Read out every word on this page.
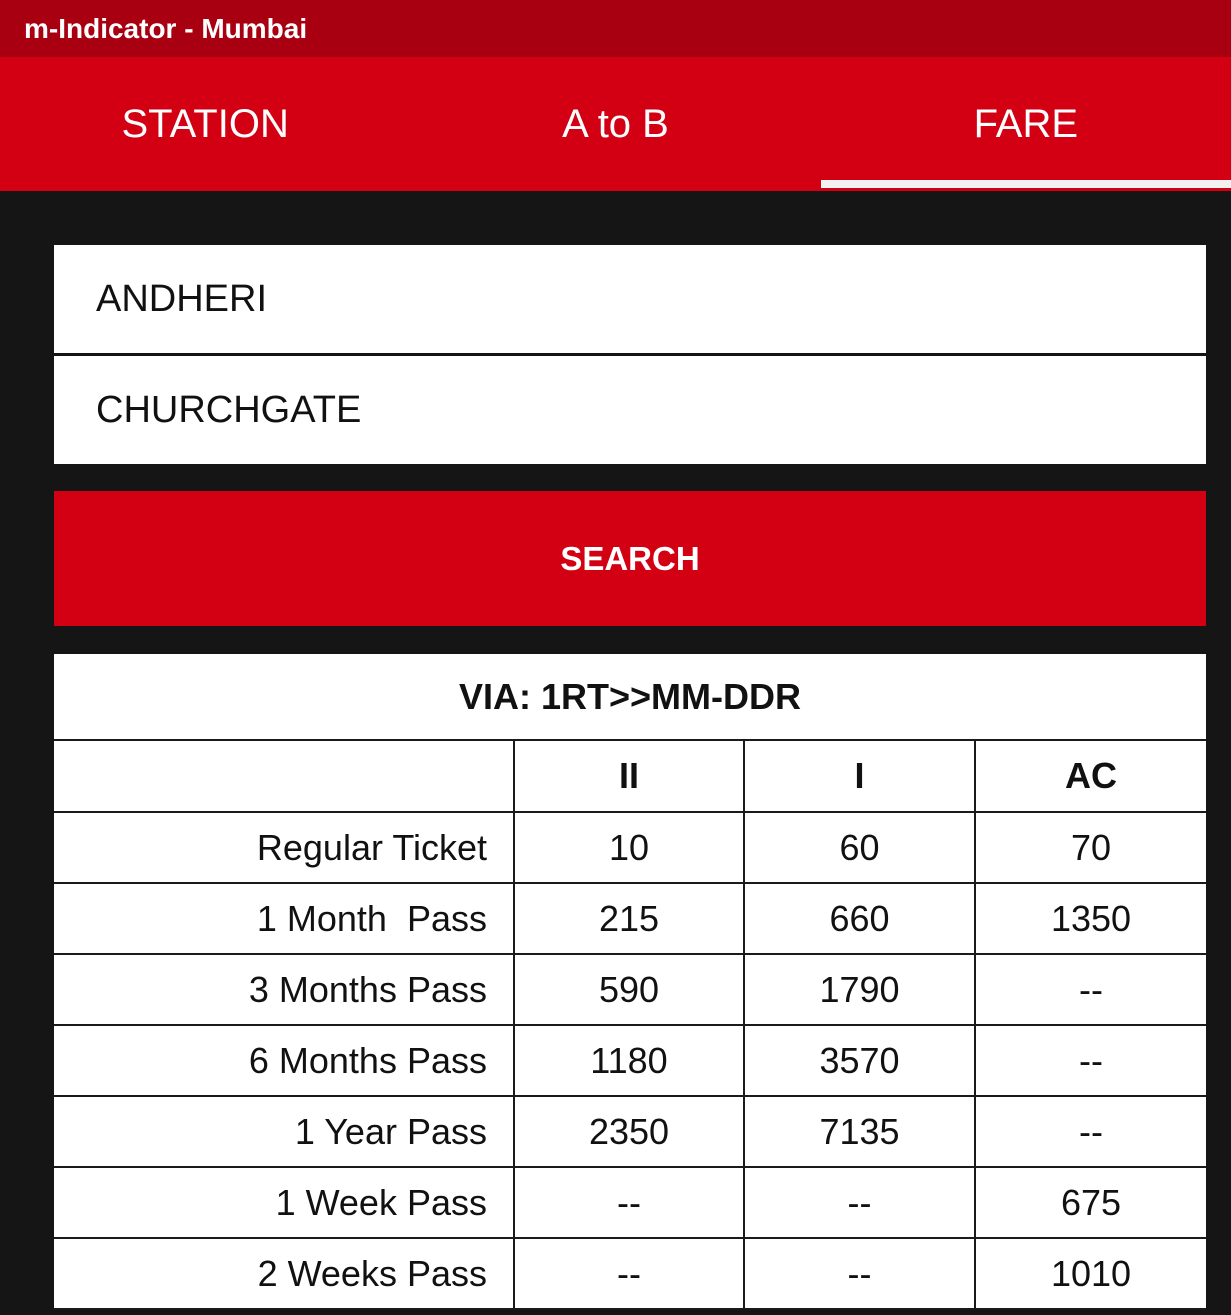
m-Indicator - Mumbai
STATION	A to B	FARE
ANDHERI
CHURCHGATE
SEARCH
VIA: 1RT>>MM-DDR
	II	I	AC
Regular Ticket	10	60	70
1 Month  Pass	215	660	1350
3 Months Pass	590	1790	--
6 Months Pass	1180	3570	--
1 Year Pass	2350	7135	--
1 Week Pass	--	--	675
2 Weeks Pass	--	--	1010
